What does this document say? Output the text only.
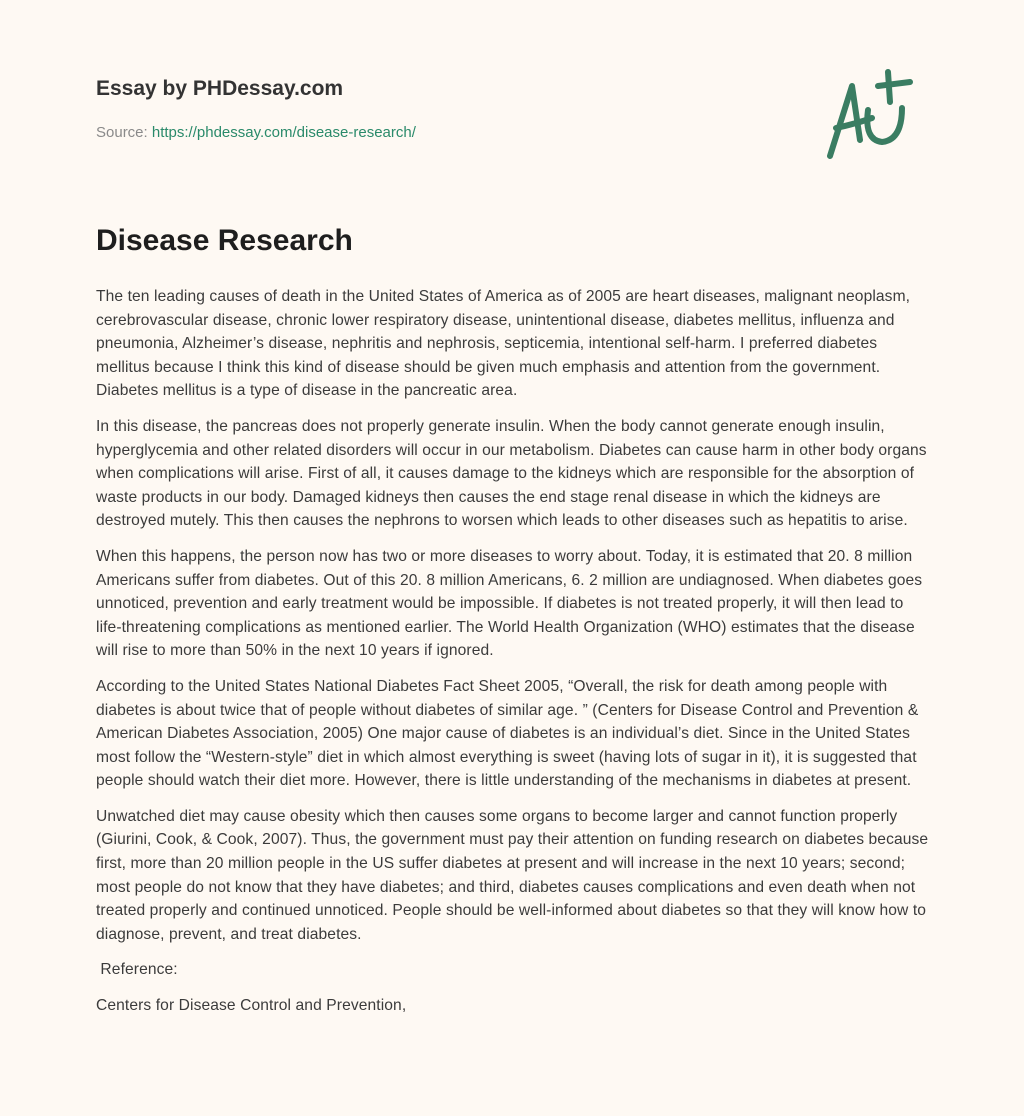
Essay by PHDessay.com
Source: https://phdessay.com/disease-research/
Disease Research

The ten leading causes of death in the United States of America as of 2005 are heart diseases, malignant neoplasm, cerebrovascular disease, chronic lower respiratory disease, unintentional disease, diabetes mellitus, influenza and pneumonia, Alzheimer’s disease, nephritis and nephrosis, septicemia, intentional self-harm. I preferred diabetes mellitus because I think this kind of disease should be given much emphasis and attention from the government. Diabetes mellitus is a type of disease in the pancreatic area.

In this disease, the pancreas does not properly generate insulin. When the body cannot generate enough insulin, hyperglycemia and other related disorders will occur in our metabolism. Diabetes can cause harm in other body organs when complications will arise. First of all, it causes damage to the kidneys which are responsible for the absorption of waste products in our body. Damaged kidneys then causes the end stage renal disease in which the kidneys are destroyed mutely. This then causes the nephrons to worsen which leads to other diseases such as hepatitis to arise.

When this happens, the person now has two or more diseases to worry about. Today, it is estimated that 20. 8 million Americans suffer from diabetes. Out of this 20. 8 million Americans, 6. 2 million are undiagnosed. When diabetes goes unnoticed, prevention and early treatment would be impossible. If diabetes is not treated properly, it will then lead to life-threatening complications as mentioned earlier. The World Health Organization (WHO) estimates that the disease will rise to more than 50% in the next 10 years if ignored.

According to the United States National Diabetes Fact Sheet 2005, “Overall, the risk for death among people with diabetes is about twice that of people without diabetes of similar age. ” (Centers for Disease Control and Prevention & American Diabetes Association, 2005) One major cause of diabetes is an individual’s diet. Since in the United States most follow the “Western-style” diet in which almost everything is sweet (having lots of sugar in it), it is suggested that people should watch their diet more. However, there is little understanding of the mechanisms in diabetes at present.

Unwatched diet may cause obesity which then causes some organs to become larger and cannot function properly (Giurini, Cook, & Cook, 2007). Thus, the government must pay their attention on funding research on diabetes because first, more than 20 million people in the US suffer diabetes at present and will increase in the next 10 years; second; most people do not know that they have diabetes; and third, diabetes causes complications and even death when not treated properly and continued unnoticed. People should be well-informed about diabetes so that they will know how to diagnose, prevent, and treat diabetes.

Reference:

Centers for Disease Control and Prevention,
